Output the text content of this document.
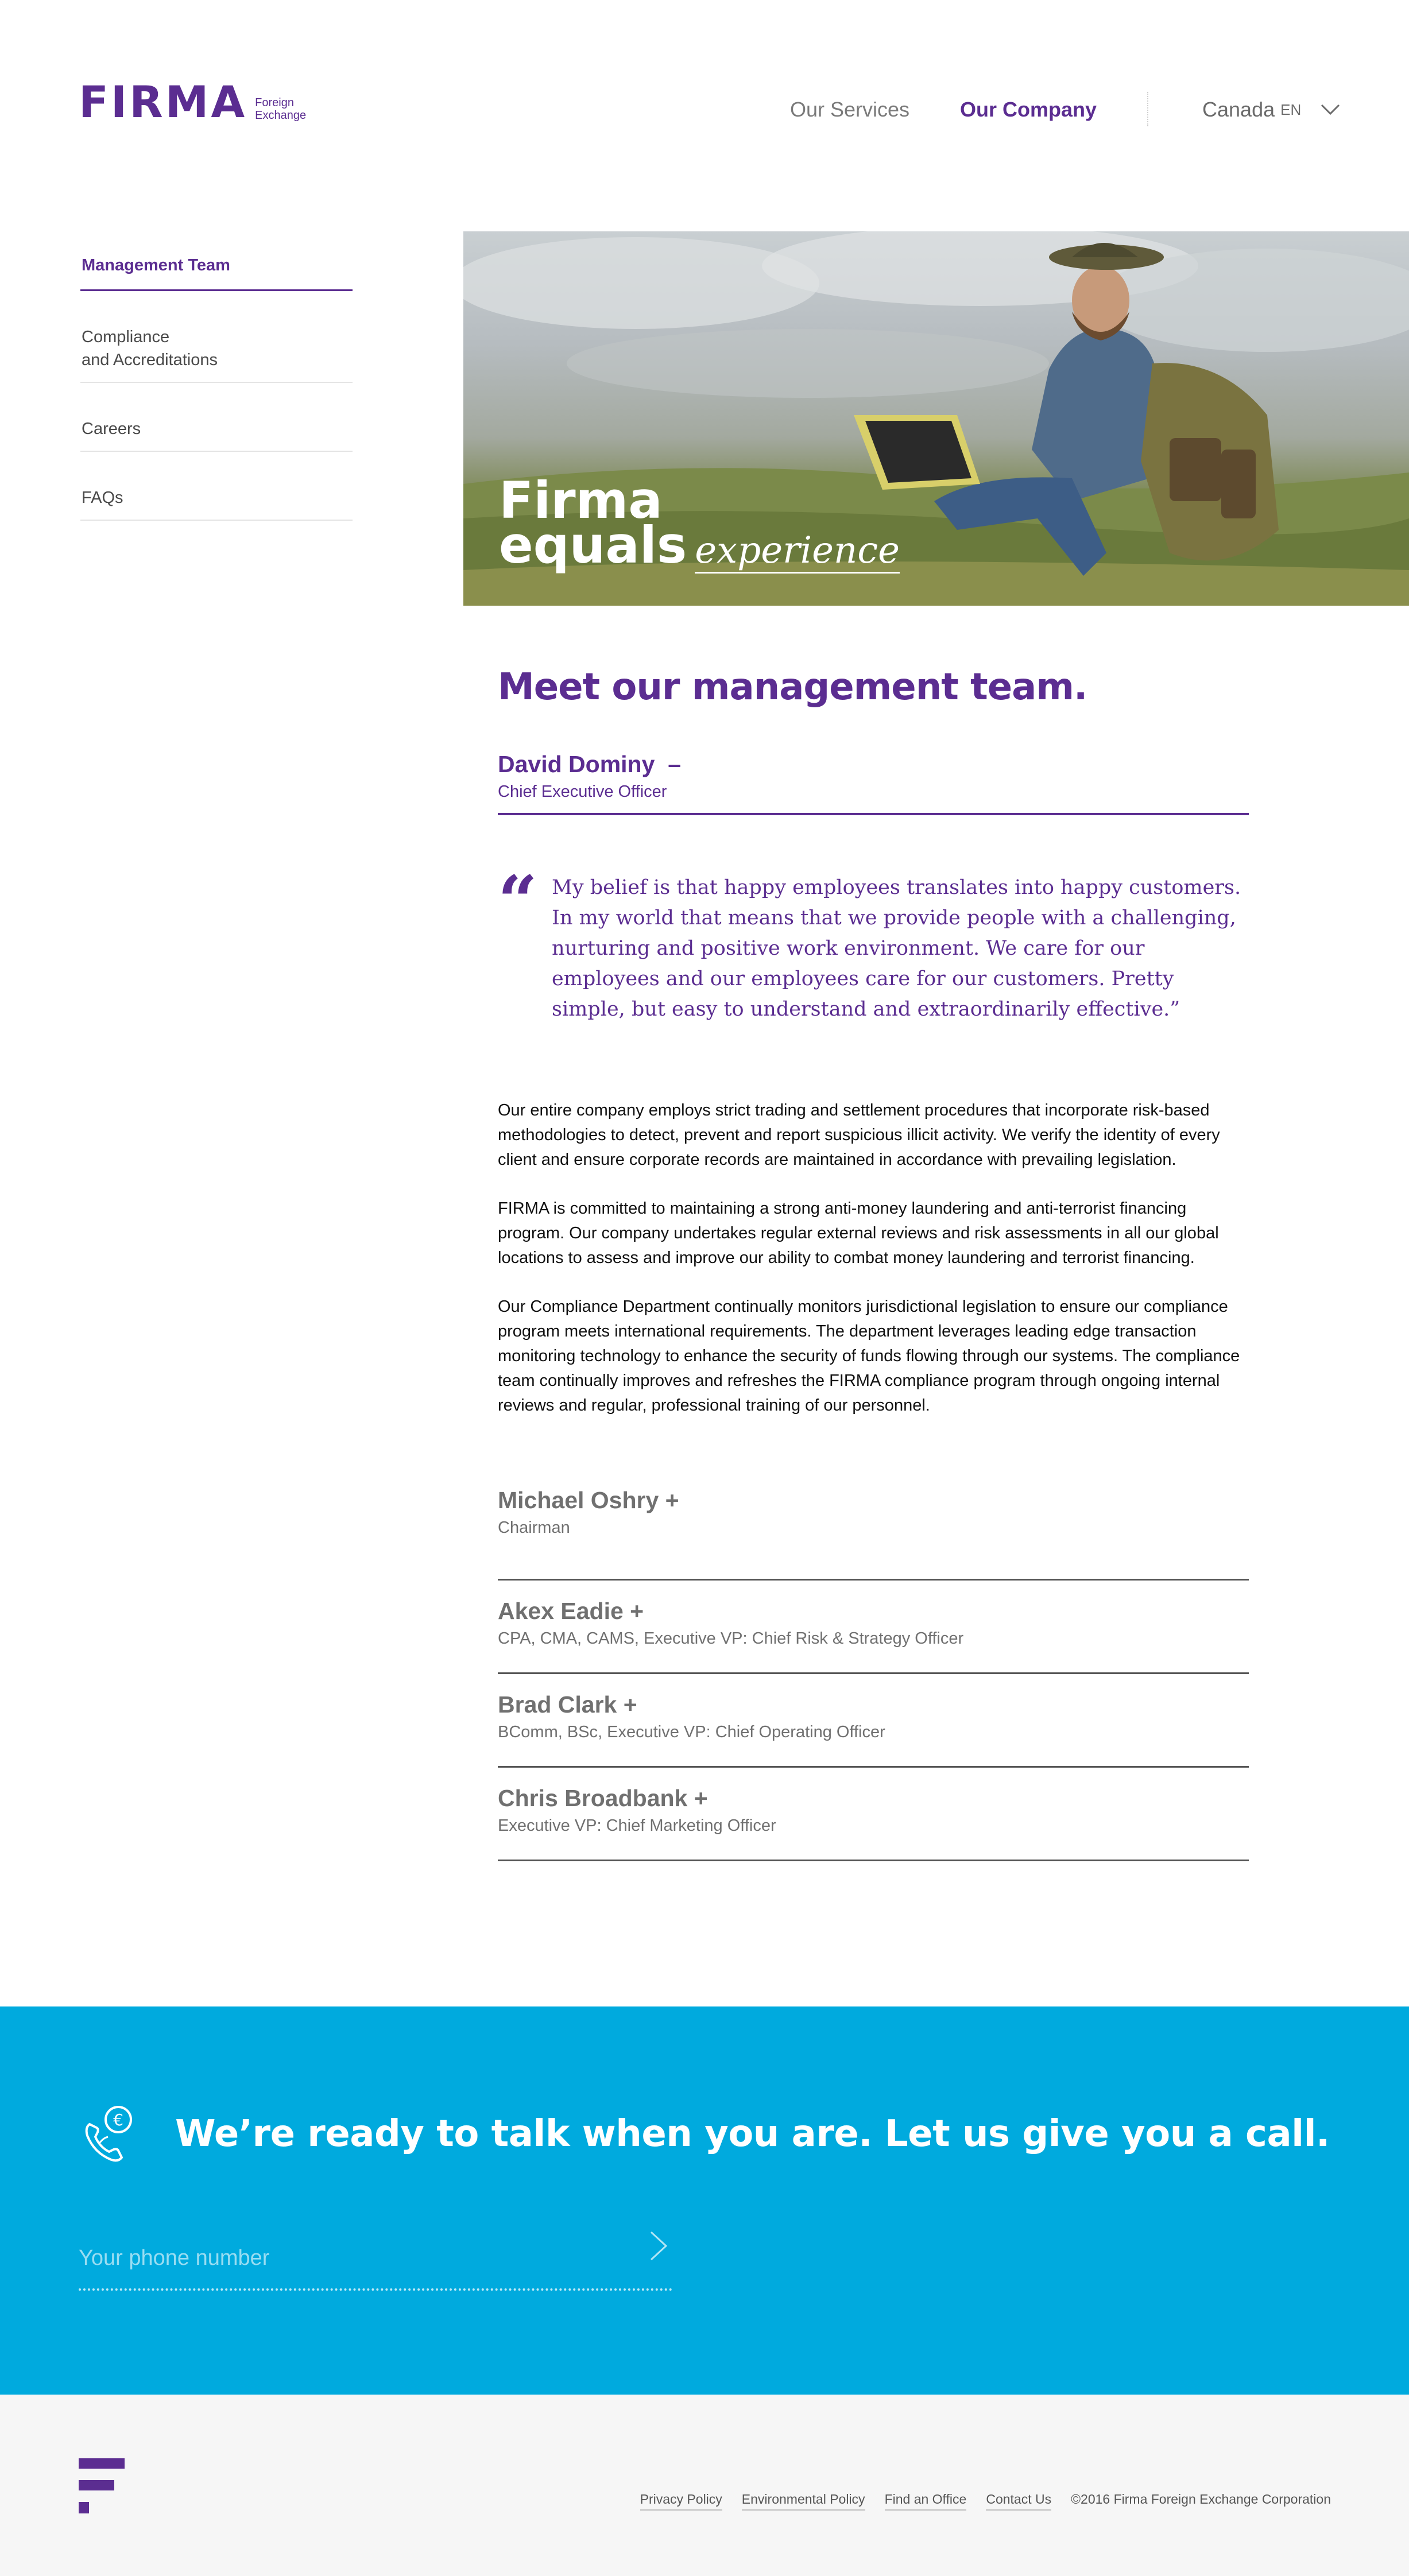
FIRMA Foreign
Exchange	Our Services Our Company	Canada EN
Management Team
Compliance
and Accreditations
Careers
FAQs	Firma
equals experience
Meet our management team.
David Dominy –
Chief Executive Officer
“ My belief is that happy employees translates into happy customers. In my world that means that we provide people with a challenging, nurturing and positive work environment. We care for our employees and our employees care for our customers. Pretty simple, but easy to understand and extraordinarily effective.”

Our entire company employs strict trading and settlement procedures that incorporate risk-based methodologies to detect, prevent and report suspicious illicit activity. We verify the identity of every client and ensure corporate records are maintained in accordance with prevailing legislation.

FIRMA is committed to maintaining a strong anti-money laundering and anti-terrorist financing program. Our company undertakes regular external reviews and risk assessments in all our global locations to assess and improve our ability to combat money laundering and terrorist financing.

Our Compliance Department continually monitors jurisdictional legislation to ensure our compliance program meets international requirements. The department leverages leading edge transaction monitoring technology to enhance the security of funds flowing through our systems. The compliance team continually improves and refreshes the FIRMA compliance program through ongoing internal reviews and regular, professional training of our personnel.

Michael Oshry +
Chairman
Akex Eadie +
CPA, CMA, CAMS, Executive VP: Chief Risk & Strategy Officer
Brad Clark +
BComm, BSc, Executive VP: Chief Operating Officer
Chris Broadbank +
Executive VP: Chief Marketing Officer
€ We’re ready to talk when you are. Let us give you a call.
Your phone number
Privacy Policy Environmental Policy Find an Office Contact Us ©2016 Firma Foreign Exchange Corporation
